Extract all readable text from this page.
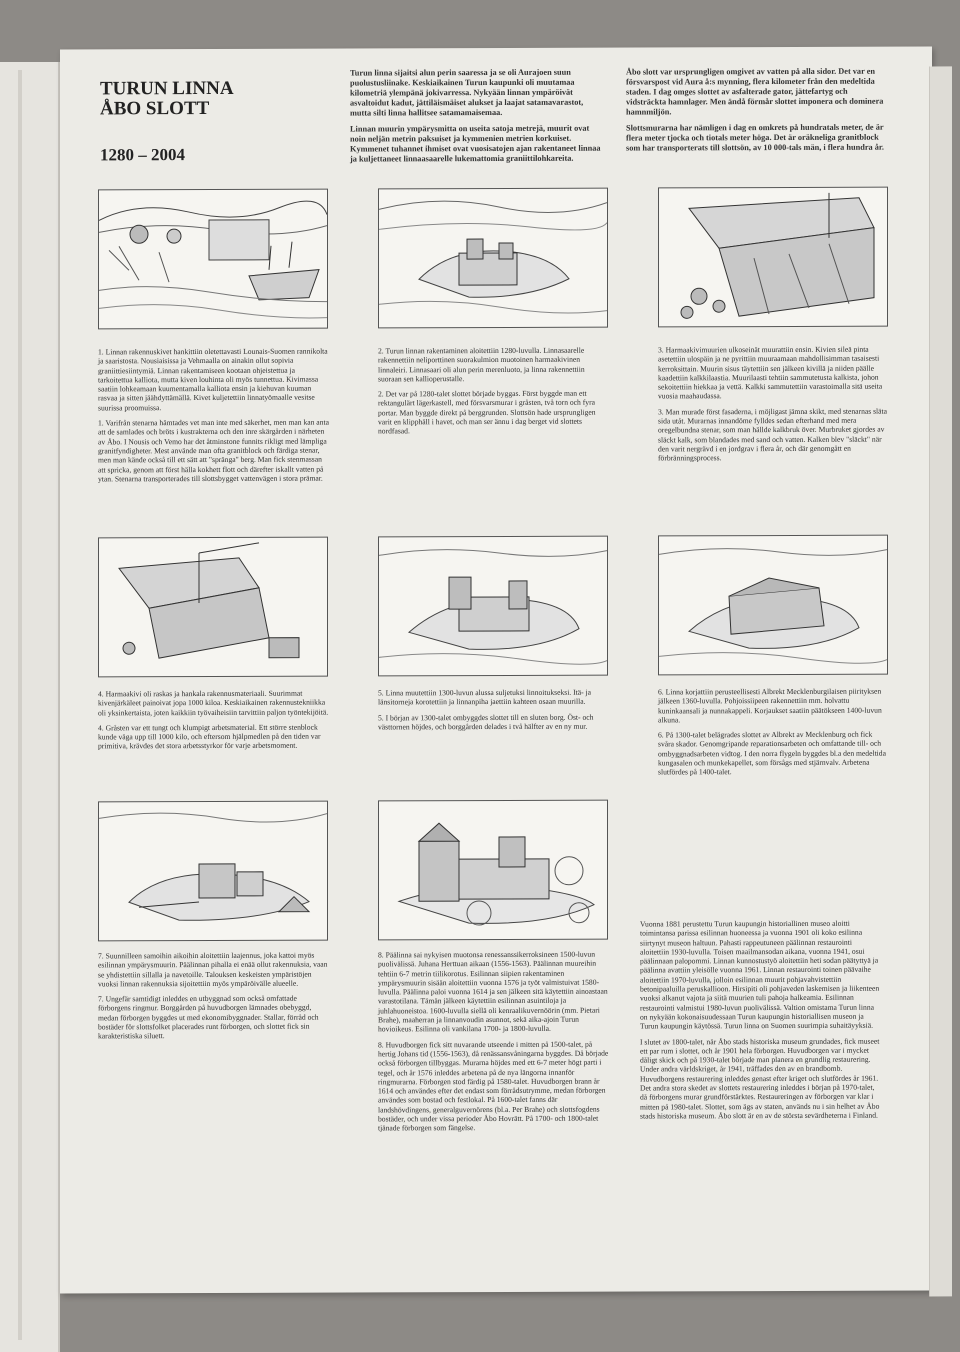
TURUN LINNA

ÅBO SLOTT

1280 – 2004

Turun linna sijaitsi alun perin saaressa ja se oli Aurajoen suun puolustusliinake. Keskiaikainen Turun kaupunki oli muutamaa kilometriä ylempänä jokivarressa. Nykyään linnan ympäröivät asvaltoidut kadut, jättiläismäiset alukset ja laajat satamavarastot, mutta silti linna hallitsee satamamaisemaa.

Linnan muurin ympärysmitta on useita satoja metrejä, muurit ovat noin neljän metrin paksuiset ja kymmenien metrien korkuiset. Kymmenet tuhannet ihmiset ovat vuosisatojen ajan rakentaneet linnaa ja kuljettaneet linnaasaarelle lukemattomia graniittilohkareita.

Åbo slott var ursprungligen omgivet av vatten på alla sidor. Det var en försvarspost vid Aura å:s mynning, flera kilometer från den medeltida staden. I dag omges slottet av asfalterade gator, jättefartyg och vidsträckta hamnlager. Men ändå förmår slottet imponera och dominera hamnmiljön.

Slottsmurarna har nämligen i dag en omkrets på hundratals meter, de är flera meter tjocka och tiotals meter höga. Det är oräkneliga granitblock som har transporterats till slottsön, av 10 000-tals män, i flera hundra år.

1. Linnan rakennuskivet hankittiin oletettavasti Lounais-Suomen rannikolta ja saaristosta. Nousiaisissa ja Vehmaalla on ainakin ollut sopivia graniittiesiintymiä. Linnan rakentamiseen kootaan ohjeistettua ja tarkoitettua kalliota, mutta kiven louhinta oli myös tunnettua. Kivimassa saatiin lohkeamaan kuumentamalla kalliota ensin ja kiehuvan kuuman rasvaa ja sitten jäähdyttämällä. Kivet kuljetettiin linnatyömaalle vesitse suurissa proomuissa.

1. Varifrån stenarna hämtades vet man inte med säkerhet, men man kan anta att de samlades och bröts i kustrakterna och den inre skärgården i närheten av Åbo. I Nousis och Vemo har det åtminstone funnits rikligt med lämpliga granitfyndigheter. Mest använde man ofta granitblock och färdiga stenar, men man kände också till ett sätt att "spränga" berg. Man fick stenmassan att spricka, genom att först hälla kokhett flott och därefter iskallt vatten på ytan. Stenarna transporterades till slottsbygget vattenvägen i stora prämar.

2. Turun linnan rakentaminen aloitettiin 1280-luvulla. Linnasaarelle rakennettiin neliporttinen suorakulmion muotoinen harmaakivinen linnaleiri. Linnasaari oli alun perin merenluoto, ja linna rakennettiin suoraan sen kallioperustalle.

2. Det var på 1280-talet slottet började byggas. Först byggde man ett rektangulärt lägerkastell, med försvarsmurar i gråsten, två torn och fyra portar. Man byggde direkt på berggrunden. Slottsön hade ursprungligen varit en klipphäll i havet, och man ser ännu i dag berget vid slottets nordfasad.

3. Harmaakivimuurien ulkoseinät muurattiin ensin. Kivien sileä pinta asetettiin ulospäin ja ne pyrittiin muuraamaan mahdollisimman tasaisesti kerroksittain. Muurin sisus täytettiin sen jälkeen kivillä ja niiden päälle kaadettiin kalkkilaastia. Muurilaasti tehtiin sammutetusta kalkista, johon sekoitettiin hiekkaa ja vettä. Kalkki sammutettiin varastoimalla sitä useita vuosia maahaudassa.

3. Man murade först fasaderna, i möjligast jämna skikt, med stenarnas släta sida utåt. Murarnas innandöme fylldes sedan efterhand med mera oregelbundna stenar, som man hällde kalkbruk över. Murbruket gjordes av släckt kalk, som blandades med sand och vatten. Kalken blev "släckt" när den varit nergrävd i en jordgrav i flera år, och där genomgått en förbränningsprocess.

4. Harmaakivi oli raskas ja hankala rakennusmateriaali. Suurimmat kivenjärkäleet painoivat jopa 1000 kiloa. Keskiaikainen rakennustekniikka oli yksinkertaista, joten kaikkiin työvaiheisiin tarvittiin paljon työntekijöitä.

4. Gråsten var ett tungt och klumpigt arbetsmaterial. Ett större stenblock kunde väga upp till 1000 kilo, och eftersom hjälpmedlen på den tiden var primitiva, krävdes det stora arbetsstyrkor för varje arbetsmoment.

5. Linna muutettiin 1300-luvun alussa suljetuksi linnoitukseksi. Itä- ja länsitorneja korotettiin ja linnanpiha jaettiin kahteen osaan muurilla.

5. I början av 1300-talet ombyggdes slottet till en sluten borg. Öst- och västtornen höjdes, och borggården delades i två hälfter av en ny mur.

6. Linna korjattiin perusteellisesti Albrekt Mecklenburgilaisen piirityksen jälkeen 1360-luvulla. Pohjoissiipeen rakennettiin mm. holvattu kuninkaansali ja nunnakappeli. Korjaukset saatiin päätökseen 1400-luvun alkuna.

6. På 1300-talet belägrades slottet av Albrekt av Mecklenburg och fick svåra skador. Genomgripande reparationsarbeten och omfattande till- och ombyggnadsarbeten vidtog. I den norra flygeln byggdes bl.a den medeltida kungasalen och munkekapellet, som försågs med stjärnvalv. Arbetena slutfördes på 1400-talet.

7. Suunnilleen samoihin aikoihin aloitettiin laajennus, joka kattoi myös esilinnan ympärysmuurin. Päälinnan pihalla ei enää ollut rakennuksia, vaan se yhdistettiin sillalla ja navetoille. Talouksen keskeisten ympäristöjen vuoksi linnan rakennuksia sijoitettiin myös ympäröivälle alueelle.

7. Ungefär samtidigt inleddes en utbyggnad som också omfattade förborgens ringmur. Borggården på huvudborgen lämnades obebyggd, medan förborgen byggdes ut med ekonomibyggnader. Stallar, förråd och bostäder för slottsfolket placerades runt förborgen, och slottet fick sin karakteristiska siluett.

8. Päälinna sai nykyisen muotonsa renessanssikerroksineen 1500-luvun puolivälissä. Juhana Herttuan aikaan (1556-1563). Päälinnan muureihin tehtiin 6-7 metrin tiilikorotus. Esilinnan siipien rakentaminen ympärysmuurin sisään aloitettiin vuonna 1576 ja työt valmistuivat 1580-luvulla. Päälinna paloi vuonna 1614 ja sen jälkeen sitä käytettiin ainoastaan varastotilana. Tämän jälkeen käytettiin esilinnan asuintiloja ja juhlahuoneistoa. 1600-luvulla siellä oli kenraalikuvernöörin (mm. Pietari Brahe), maaherran ja linnanvoudin asunnot, sekä aika-ajoin Turun hovioikeus. Esilinna oli vankilana 1700- ja 1800-luvulla.

8. Huvudborgen fick sitt nuvarande utseende i mitten på 1500-talet, på hertig Johans tid (1556-1563), då renässansvåningarna byggdes. Då började också förborgen tillbyggas. Murarna höjdes med ett 6-7 meter högt parti i tegel, och år 1576 inleddes arbetena på de nya längorna innanför ringmurarna. Förborgen stod färdig på 1580-talet. Huvudborgen brann år 1614 och användes efter det endast som förrådsutrymme, medan förborgen användes som bostad och festlokal. På 1600-talet fanns där landshövdingens, generalguvernörens (bl.a. Per Brahe) och slottsfogdens bostäder, och under vissa perioder Åbo Hovrätt. På 1700- och 1800-talet tjänade förborgen som fängelse.

Vuonna 1881 perustettu Turun kaupungin historiallinen museo aloitti toimintansa parissa esilinnan huoneessa ja vuonna 1901 oli koko esilinna siirtynyt museon haltuun. Pahasti rappeutuneen päälinnan restaurointi aloitettiin 1930-luvulla. Toisen maailmansodan aikana, vuonna 1941, osui päälinnaan palopommi. Linnan kunnostustyö aloitettiin heti sodan päätyttyä ja päälinna avattiin yleisölle vuonna 1961. Linnan restaurointi toinen päävaihe aloitettiin 1970-luvulla, jolloin esilinnan muurit pohjavahvistettiin betonipaaluilla peruskallioon. Hirsipiti oli pohjaveden laskemisen ja liikenteen vuoksi alkanut vajota ja siitä muurien tuli pahoja halkeamia. Esilinnan restaurointi valmistui 1980-luvun puolivälissä. Valtion omistama Turun linna on nykyään kokonaisuudessaan Turun kaupungin historiallisen museon ja Turun kaupungin käytössä. Turun linna on Suomen suurimpia suhaitäyyksiä.

I slutet av 1800-talet, när Åbo stads historiska museum grundades, fick museet ett par rum i slottet, och år 1901 hela förborgen. Huvudborgen var i mycket dåligt skick och på 1930-talet började man planera en grundlig restaurering. Under andra världskriget, år 1941, träffades den av en brandbomb. Huvudborgens restaurering inleddes genast efter kriget och slutfördes år 1961. Det andra stora skedet av slottets restaurering inleddes i början på 1970-talet, då förborgens murar grundförstärktes. Restaureringen av förborgen var klar i mitten på 1980-talet. Slottet, som ägs av staten, används nu i sin helhet av Åbo stads historiska museum. Åbo slott är en av de största sevärdheterna i Finland.
